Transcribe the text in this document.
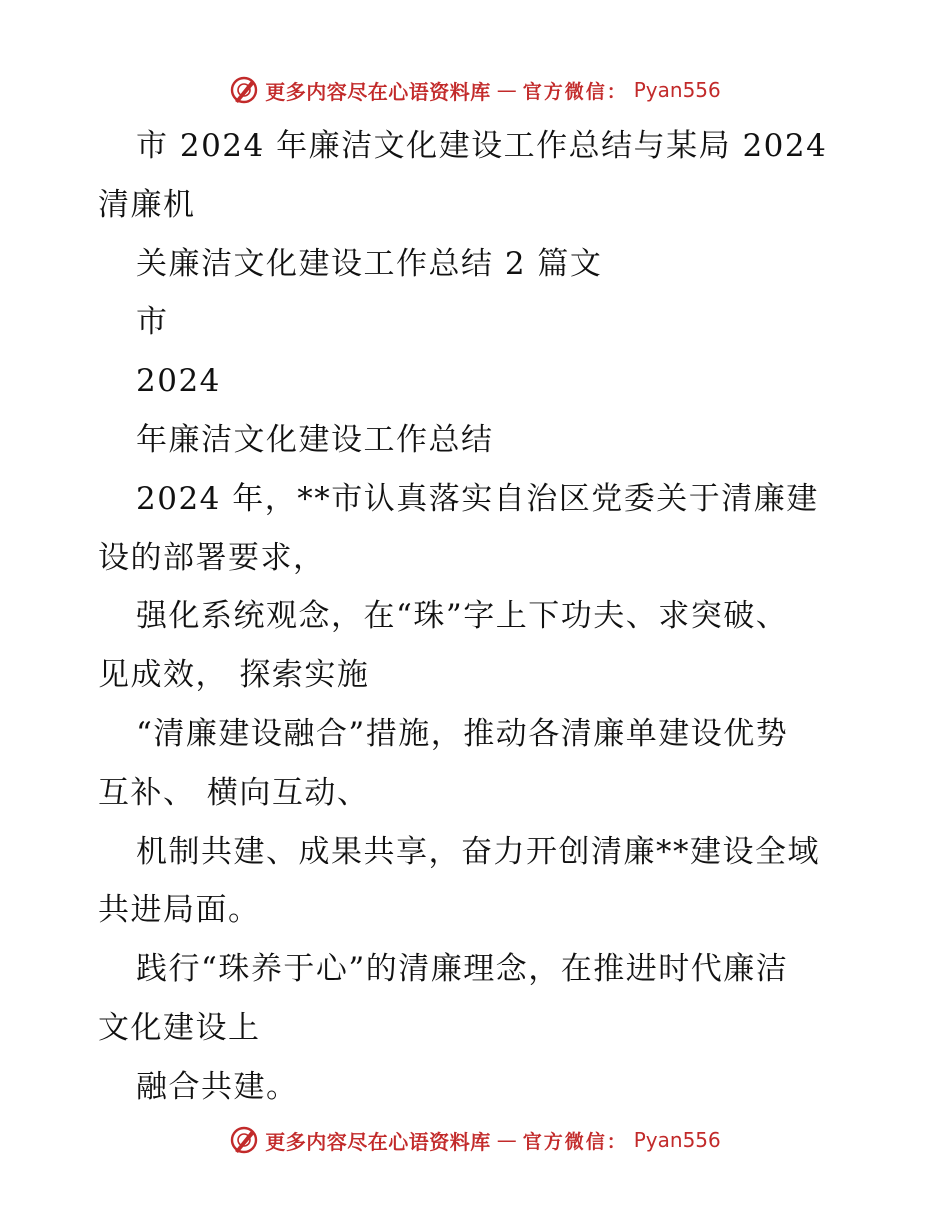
更多内容尽在心语资料库 — 官方微信： Pyan556
市 2024 年廉洁文化建设工作总结与某局 2024
清廉机
关廉洁文化建设工作总结 2 篇文
市
2024
年廉洁文化建设工作总结
2024 年，**市认真落实自治区党委关于清廉建
设的部署要求，
强化系统观念，在“珠”字上下功夫、求突破、
见成效， 探索实施
“清廉建设融合”措施，推动各清廉单建设优势
互补、 横向互动、
机制共建、成果共享，奋力开创清廉**建设全域
共进局面。
践行“珠养于心”的清廉理念，在推进时代廉洁
文化建设上
融合共建。
更多内容尽在心语资料库 — 官方微信： Pyan556
